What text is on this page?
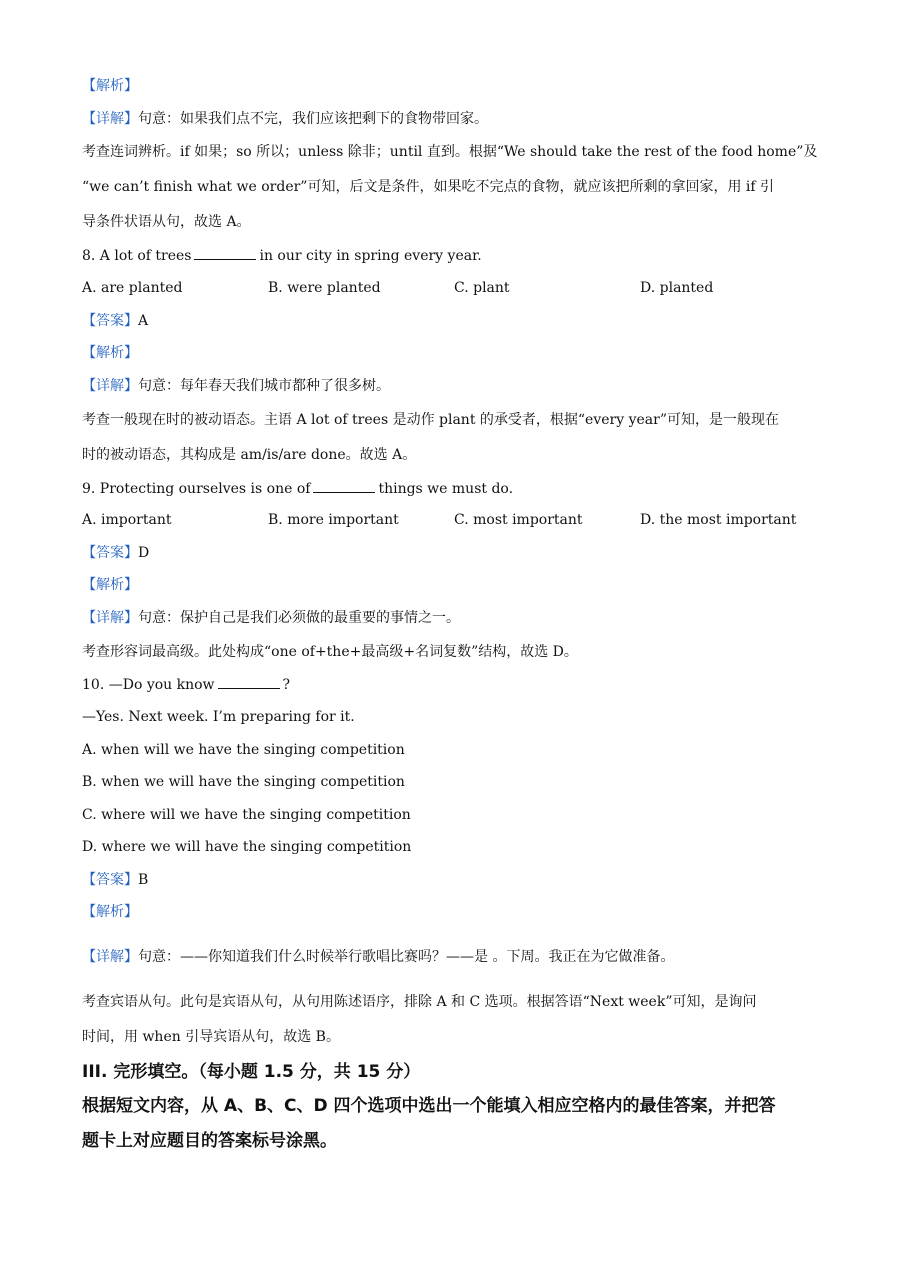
【解析】
【详解】句意：如果我们点不完，我们应该把剩下的食物带回家。
考查连词辨析。if 如果；so 所以；unless 除非；until 直到。根据“We should take the rest of the food home”及
“we can’t finish what we order”可知，后文是条件，如果吃不完点的食物，就应该把所剩的拿回家，用 if 引
导条件状语从句，故选 A。
8. A lot of trees	in our city in spring every year.
A. are planted	B. were planted	C. plant	D. planted
【答案】A
【解析】
【详解】句意：每年春天我们城市都种了很多树。
考查一般现在时的被动语态。主语 A lot of trees 是动作 plant 的承受者，根据“every year”可知，是一般现在
时的被动语态，其构成是 am/is/are done。故选 A。
9. Protecting ourselves is one of	things we must do.
A. important	B. more important	C. most important	D. the most important
【答案】D
【解析】
【详解】句意：保护自己是我们必须做的最重要的事情之一。
考查形容词最高级。此处构成“one of+the+最高级+名词复数”结构，故选 D。
10. —Do you know	?
—Yes. Next week. I’m preparing for it.
A. when will we have the singing competition
B. when we will have the singing competition
C. where will we have the singing competition
D. where we will have the singing competition
【答案】B
【解析】
【详解】句意：——你知道我们什么时候举行歌唱比赛吗？——是 。下周。我正在为它做准备。
考查宾语从句。此句是宾语从句，从句用陈述语序，排除 A 和 C 选项。根据答语“Next week”可知，是询问
时间，用 when 引导宾语从句，故选 B。
III. 完形填空。（每小题 1.5 分，共 15 分）
根据短文内容，从 A、B、C、D 四个选项中选出一个能填入相应空格内的最佳答案，并把答
题卡上对应题目的答案标号涂黑。
